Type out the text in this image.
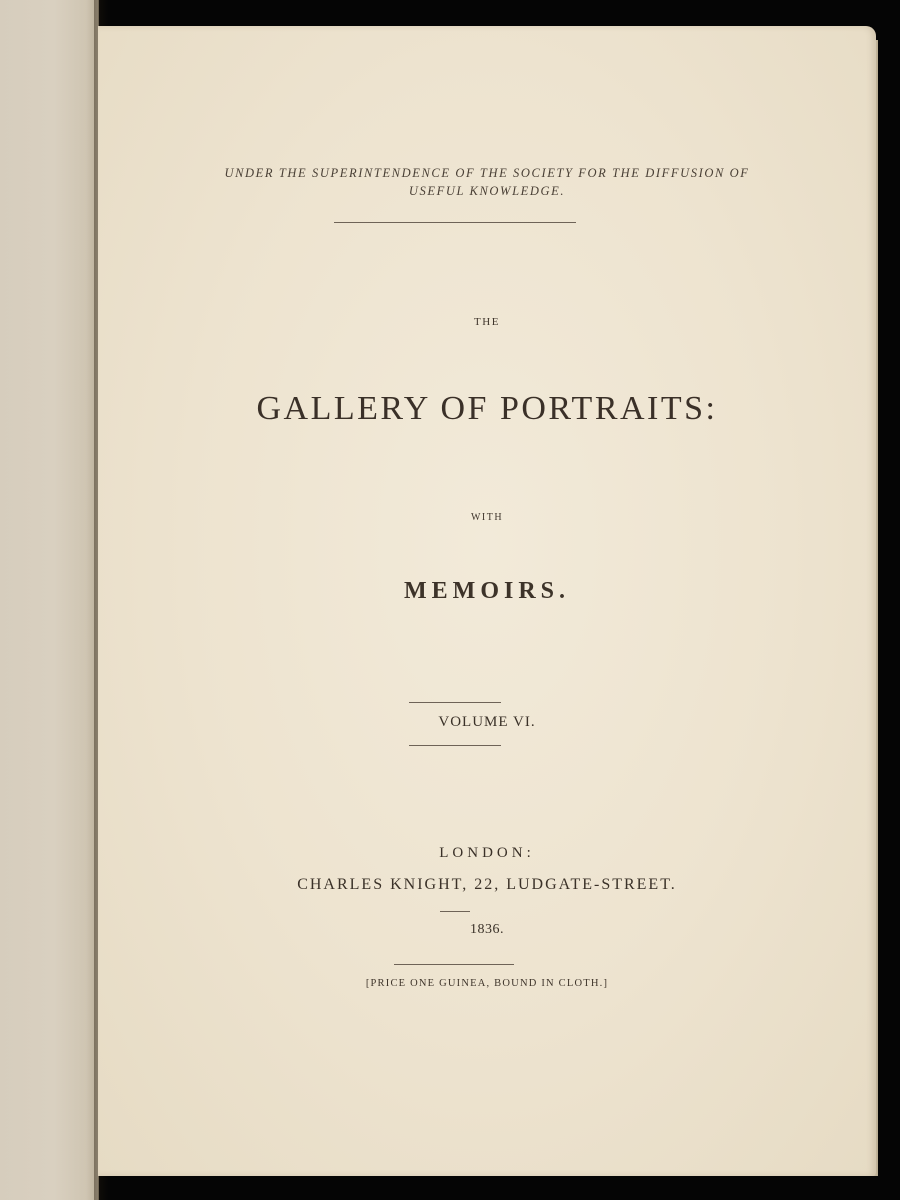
UNDER THE SUPERINTENDENCE OF THE SOCIETY FOR THE DIFFUSION OF
USEFUL KNOWLEDGE.
THE
GALLERY OF PORTRAITS:
WITH
MEMOIRS.
VOLUME VI.
LONDON:
CHARLES KNIGHT, 22, LUDGATE-STREET.
1836.
[PRICE ONE GUINEA, BOUND IN CLOTH.]
